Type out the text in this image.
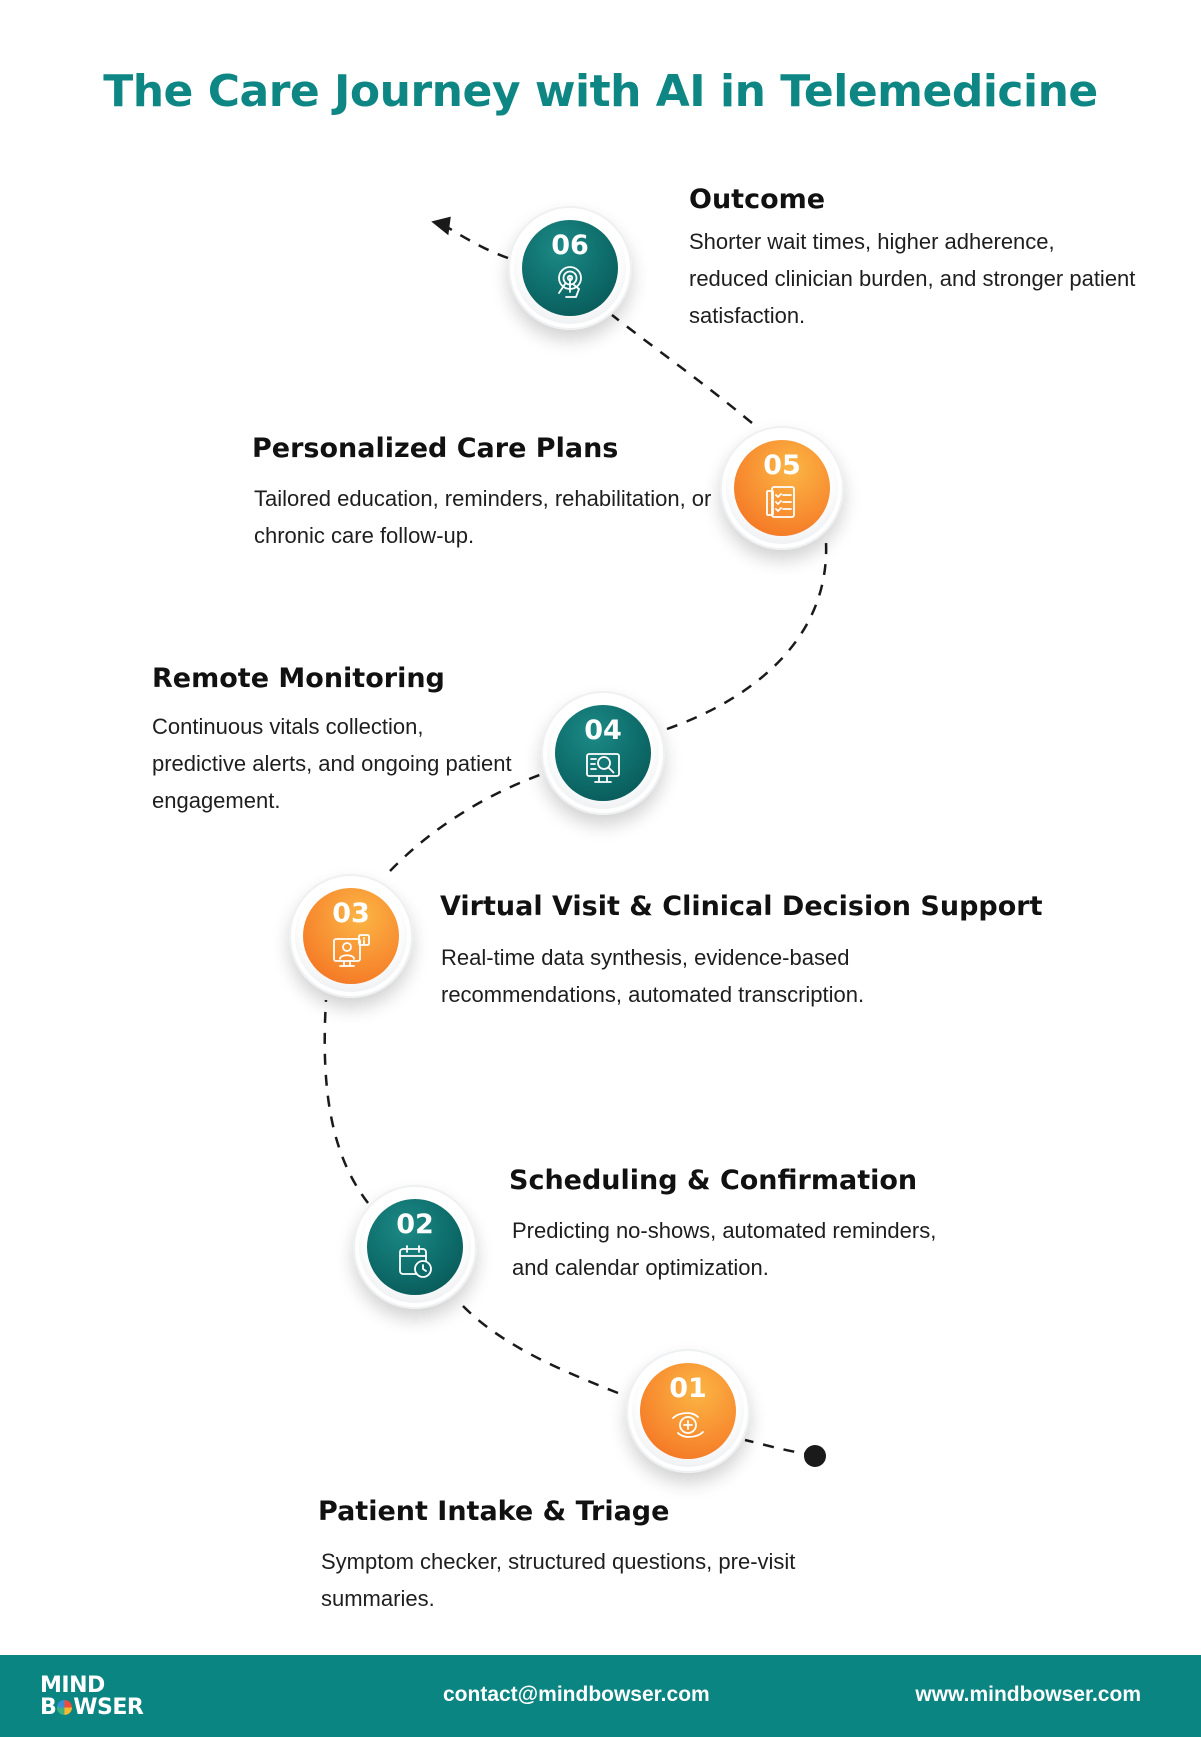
The Care Journey with AI in Telemedicine
06
Outcome

Shorter wait times, higher adherence, reduced clinician burden, and stronger patient satisfaction.

05
Personalized Care Plans

Tailored education, reminders, rehabilitation, or chronic care follow-up.

04
Remote Monitoring

Continuous vitals collection, predictive alerts, and ongoing patient engagement.

03	Virtual Visit & Clinical Decision Support

Real-time data synthesis, evidence-based recommendations, automated transcription.

02
Scheduling & Confirmation

Predicting no-shows, automated reminders, and calendar optimization.

01
Patient Intake & Triage

Symptom checker, structured questions, pre-visit summaries.

MIND
B WSER
contact@mindbowser.com	www.mindbowser.com
